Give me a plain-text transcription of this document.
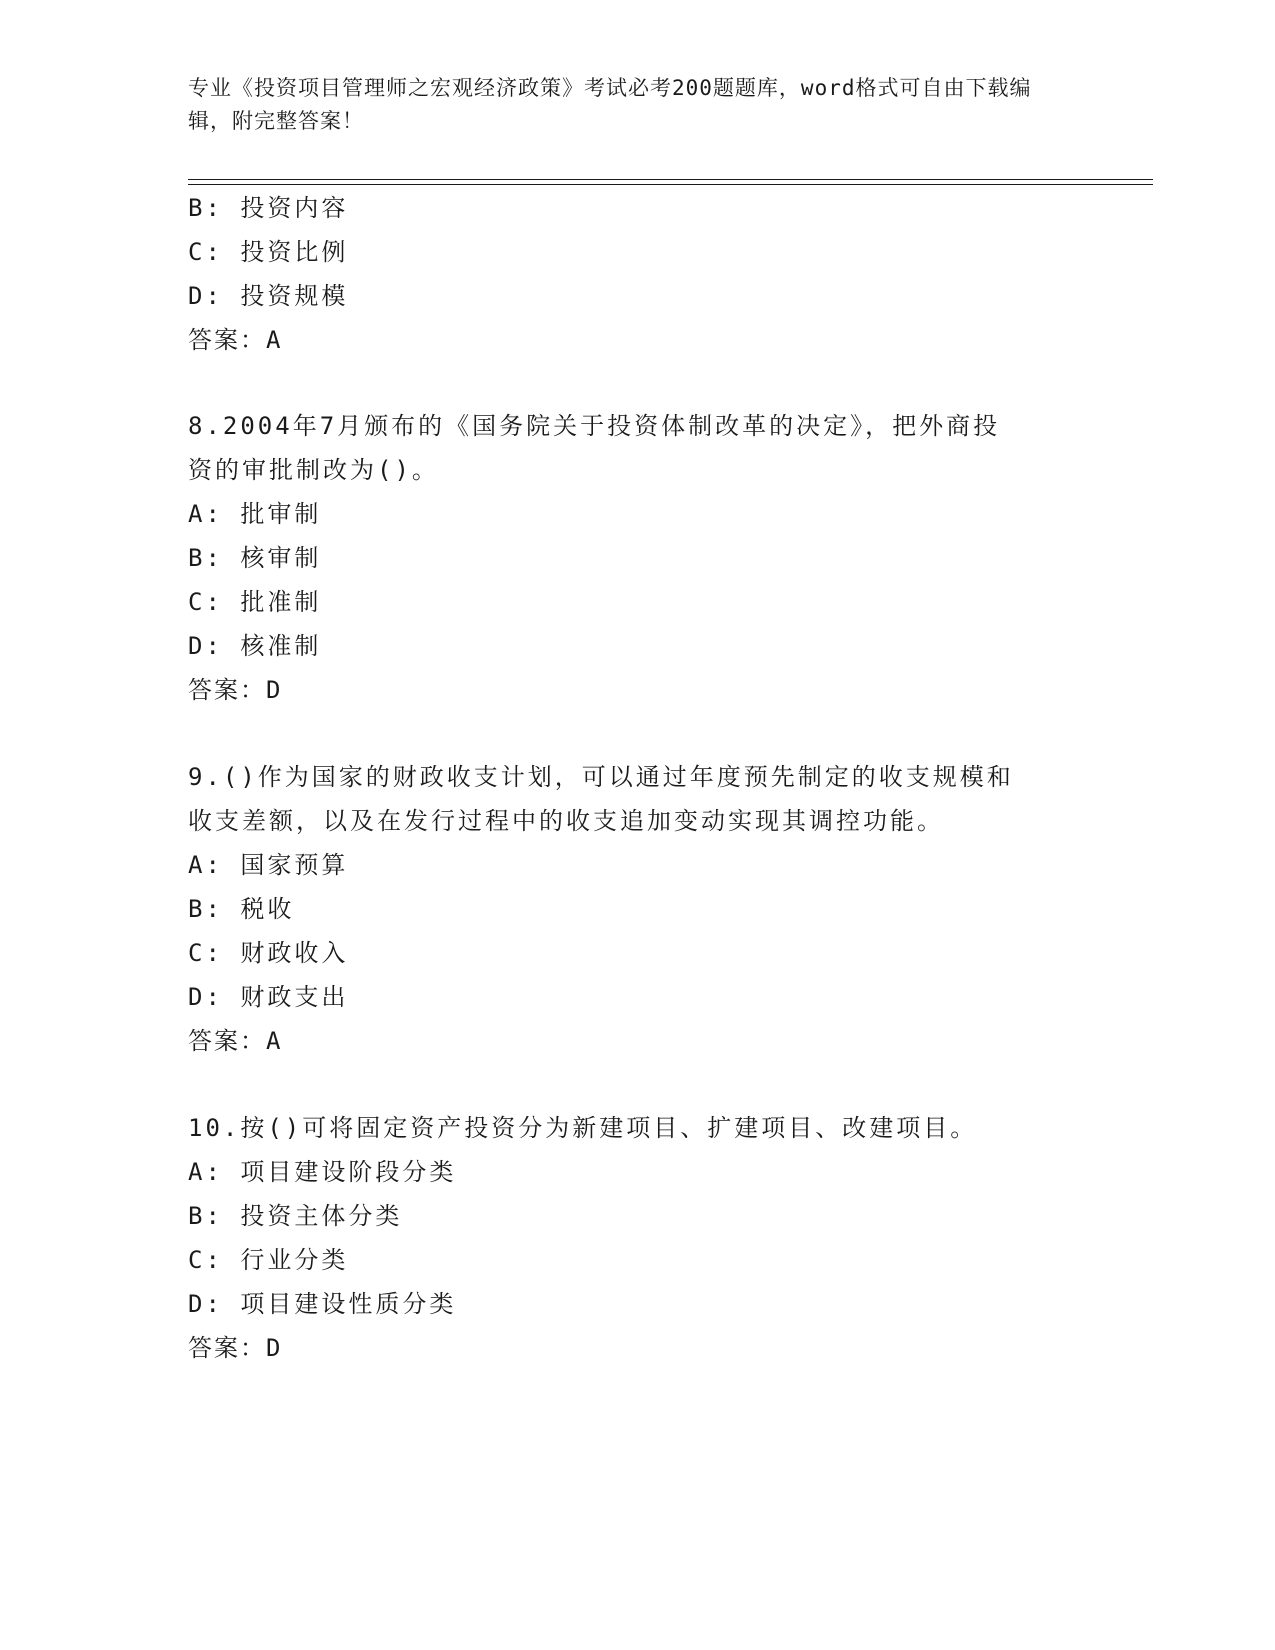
专业《投资项目管理师之宏观经济政策》考试必考200题题库，word格式可自由下载编辑，附完整答案！
B: 投资内容
C: 投资比例
D: 投资规模
答案：A
8.2004年7月颁布的《国务院关于投资体制改革的决定》，把外商投
资的审批制改为()。
A: 批审制
B: 核审制
C: 批准制
D: 核准制
答案：D
9.()作为国家的财政收支计划，可以通过年度预先制定的收支规模和
收支差额，以及在发行过程中的收支追加变动实现其调控功能。
A: 国家预算
B: 税收
C: 财政收入
D: 财政支出
答案：A
10.按()可将固定资产投资分为新建项目、扩建项目、改建项目。
A: 项目建设阶段分类
B: 投资主体分类
C: 行业分类
D: 项目建设性质分类
答案：D
